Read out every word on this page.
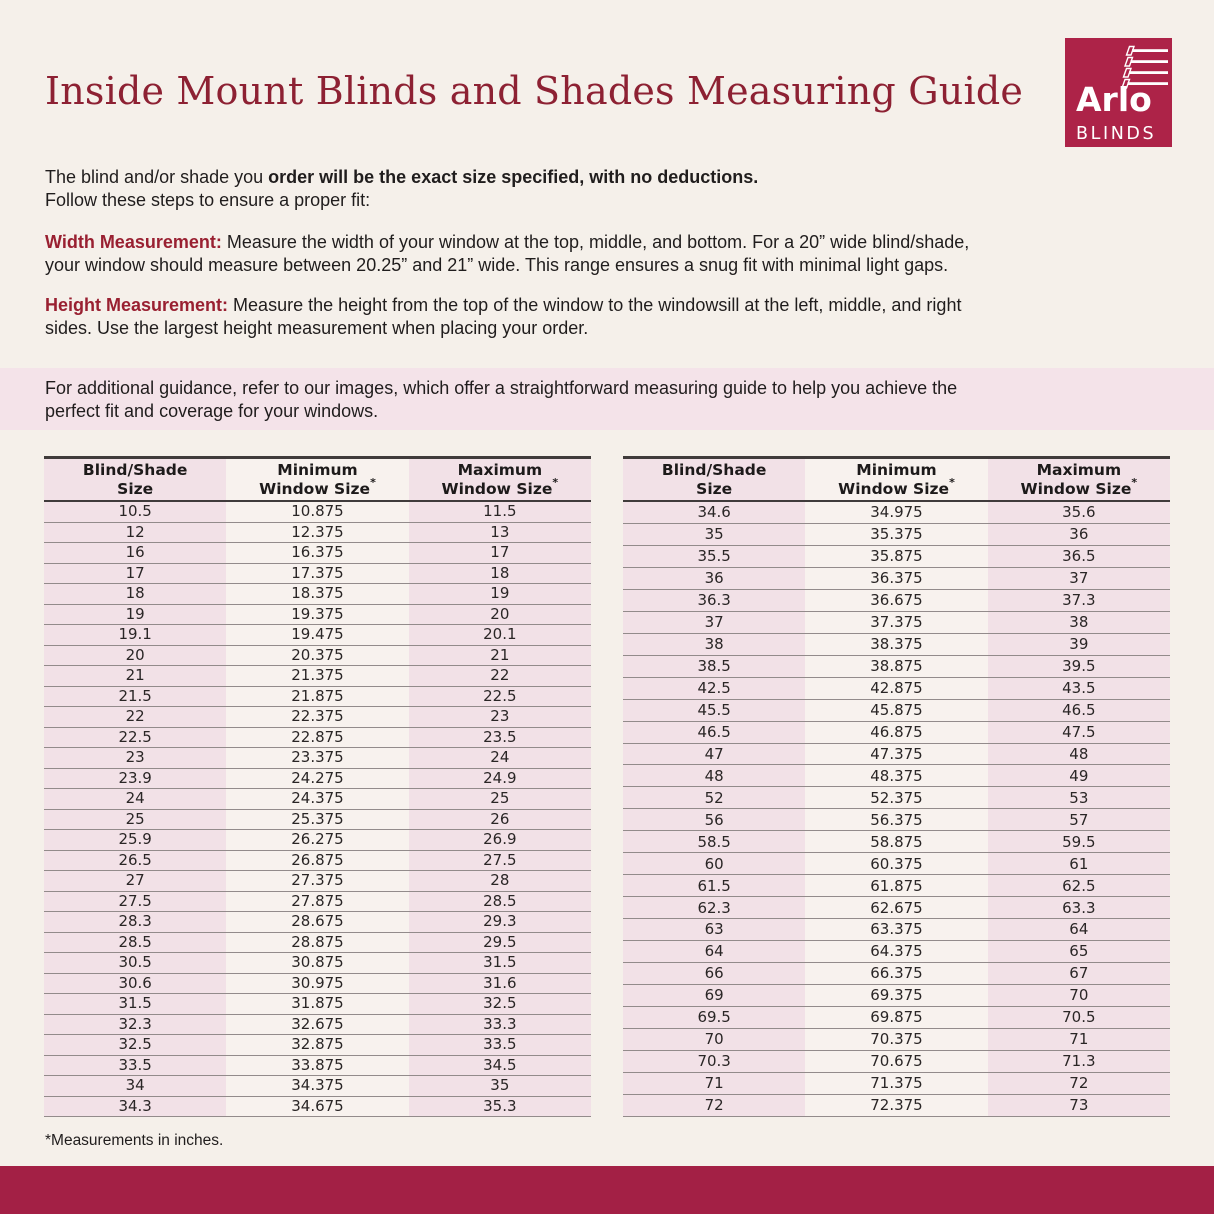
Inside Mount Blinds and Shades Measuring Guide Arlo
BLINDS

The blind and/or shade you order will be the exact size specified, with no deductions.
Follow these steps to ensure a proper fit:

Width Measurement: Measure the width of your window at the top, middle, and bottom. For a 20” wide blind/shade,
your window should measure between 20.25” and 21” wide. This range ensures a snug fit with minimal light gaps.

Height Measurement: Measure the height from the top of the window to the windowsill at the left, middle, and right
sides. Use the largest height measurement when placing your order.

For additional guidance, refer to our images, which offer a straightforward measuring guide to help you achieve the
perfect fit and coverage for your windows.
Blind/Shade
Size	Minimum
Window Size*	Maximum
Window Size*
10.5	10.875	11.5
12	12.375	13
16	16.375	17
17	17.375	18
18	18.375	19
19	19.375	20
19.1	19.475	20.1
20	20.375	21
21	21.375	22
21.5	21.875	22.5
22	22.375	23
22.5	22.875	23.5
23	23.375	24
23.9	24.275	24.9
24	24.375	25
25	25.375	26
25.9	26.275	26.9
26.5	26.875	27.5
27	27.375	28
27.5	27.875	28.5
28.3	28.675	29.3
28.5	28.875	29.5
30.5	30.875	31.5
30.6	30.975	31.6
31.5	31.875	32.5
32.3	32.675	33.3
32.5	32.875	33.5
33.5	33.875	34.5
34	34.375	35
34.3	34.675	35.3
Blind/Shade
Size	Minimum
Window Size*	Maximum
Window Size*
34.6	34.975	35.6
35	35.375	36
35.5	35.875	36.5
36	36.375	37
36.3	36.675	37.3
37	37.375	38
38	38.375	39
38.5	38.875	39.5
42.5	42.875	43.5
45.5	45.875	46.5
46.5	46.875	47.5
47	47.375	48
48	48.375	49
52	52.375	53
56	56.375	57
58.5	58.875	59.5
60	60.375	61
61.5	61.875	62.5
62.3	62.675	63.3
63	63.375	64
64	64.375	65
66	66.375	67
69	69.375	70
69.5	69.875	70.5
70	70.375	71
70.3	70.675	71.3
71	71.375	72
72	72.375	73

*Measurements in inches.
